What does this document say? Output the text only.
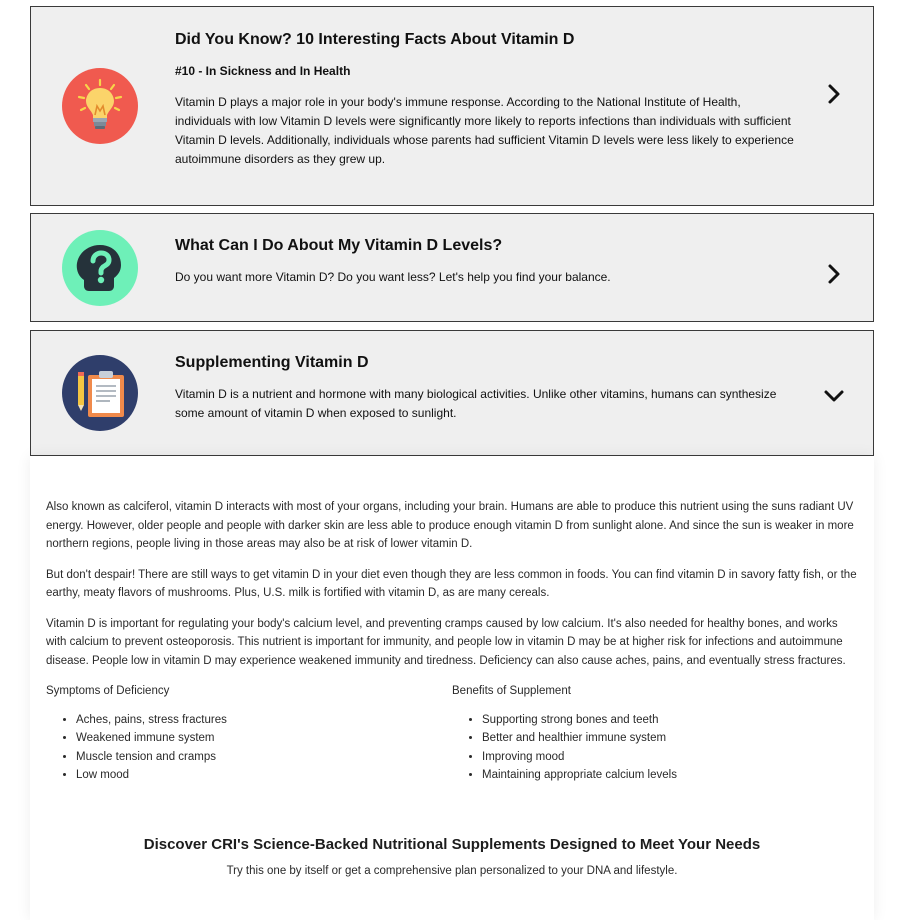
Did You Know? 10 Interesting Facts About Vitamin D
#10 - In Sickness and In Health
Vitamin D plays a major role in your body's immune response. According to the National Institute of Health, individuals with low Vitamin D levels were significantly more likely to reports infections than individuals with sufficient Vitamin D levels. Additionally, individuals whose parents had sufficient Vitamin D levels were less likely to experience autoimmune disorders as they grew up.
What Can I Do About My Vitamin D Levels?
Do you want more Vitamin D? Do you want less? Let's help you find your balance.
Supplementing Vitamin D
Vitamin D is a nutrient and hormone with many biological activities. Unlike other vitamins, humans can synthesize some amount of vitamin D when exposed to sunlight.

Also known as calciferol, vitamin D interacts with most of your organs, including your brain. Humans are able to produce this nutrient using the suns radiant UV energy. However, older people and people with darker skin are less able to produce enough vitamin D from sunlight alone. And since the sun is weaker in more northern regions, people living in those areas may also be at risk of lower vitamin D.

But don't despair! There are still ways to get vitamin D in your diet even though they are less common in foods. You can find vitamin D in savory fatty fish, or the earthy, meaty flavors of mushrooms. Plus, U.S. milk is fortified with vitamin D, as are many cereals.

Vitamin D is important for regulating your body's calcium level, and preventing cramps caused by low calcium. It's also needed for healthy bones, and works with calcium to prevent osteoporosis. This nutrient is important for immunity, and people low in vitamin D may be at higher risk for infections and autoimmune disease. People low in vitamin D may experience weakened immunity and tiredness. Deficiency can also cause aches, pains, and eventually stress fractures.

Symptoms of Deficiency
• Aches, pains, stress fractures
• Weakened immune system
• Muscle tension and cramps
• Low mood
Benefits of Supplement
• Supporting strong bones and teeth
• Better and healthier immune system
• Improving mood
• Maintaining appropriate calcium levels
Discover CRI's Science-Backed Nutritional Supplements Designed to Meet Your Needs
Try this one by itself or get a comprehensive plan personalized to your DNA and lifestyle.
